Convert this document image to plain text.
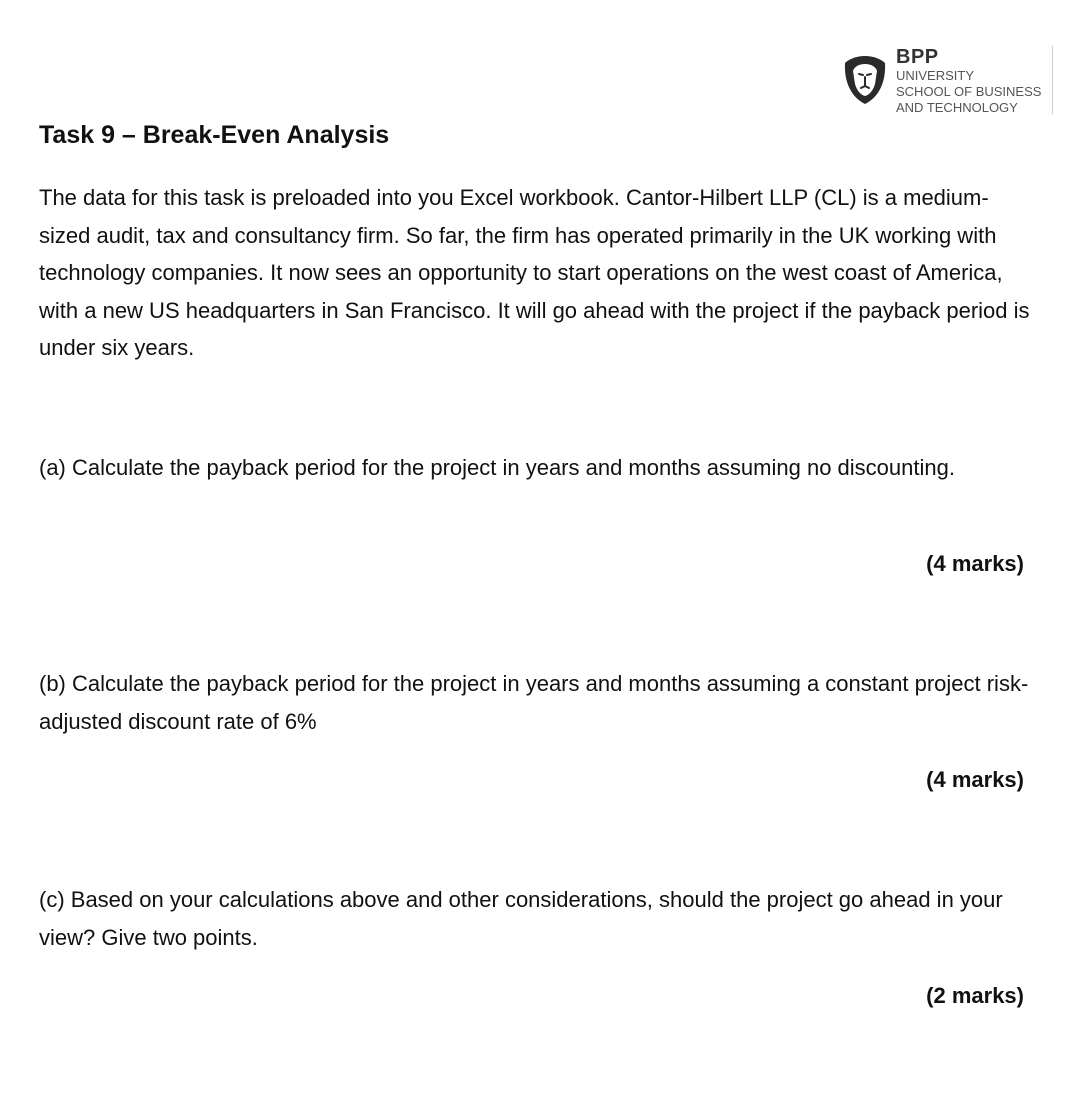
BPP
UNIVERSITY
SCHOOL OF BUSINESS
AND TECHNOLOGY
Task 9 – Break-Even Analysis

The data for this task is preloaded into you Excel workbook. Cantor-Hilbert LLP (CL) is a medium-sized audit, tax and consultancy firm. So far, the firm has operated primarily in the UK working with technology companies. It now sees an opportunity to start operations on the west coast of America, with a new US headquarters in San Francisco. It will go ahead with the project if the payback period is under six years.

(a) Calculate the payback period for the project in years and months assuming no discounting.

(4 marks)

(b) Calculate the payback period for the project in years and months assuming a constant project risk-adjusted discount rate of 6%

(4 marks)

(c) Based on your calculations above and other considerations, should the project go ahead in your view? Give two points.

(2 marks)
